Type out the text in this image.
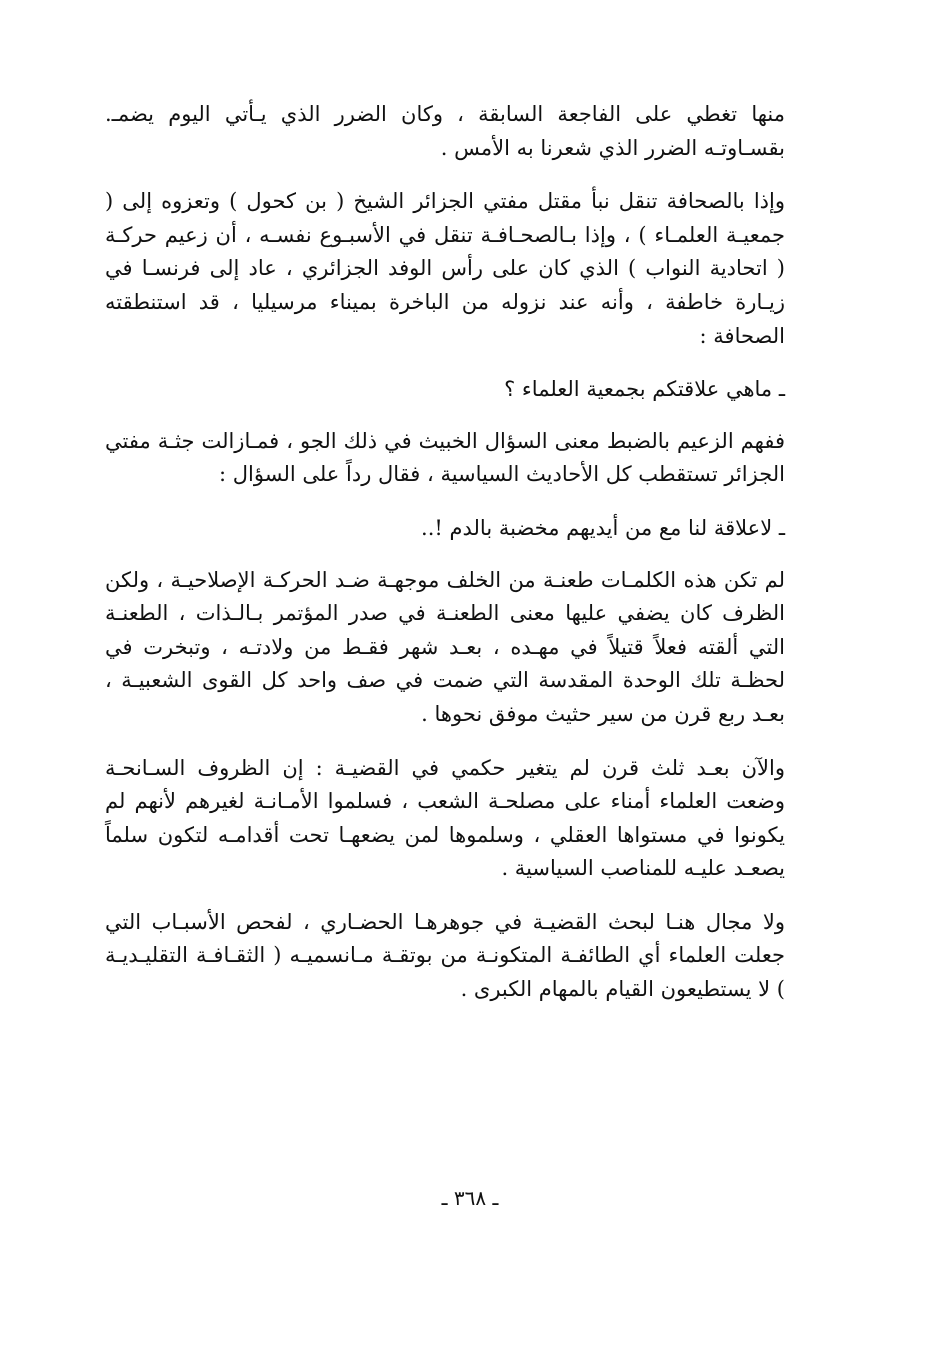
منها تغطي على الفاجعة السابقة ، وكان الضرر الذي يـأتي اليوم يضمـ. بقسـاوتـه الضرر الذي شعرنا به الأمس .

وإذا بالصحافة تنقل نبأ مقتل مفتي الجزائر الشيخ ( بن كحول ) وتعزوه إلى ( جمعيـة العلمـاء ) ، وإذا بـالصحـافـة تنقل في الأسبـوع نفسـه ، أن زعيم حركـة ( اتحادية النواب ) الذي كان على رأس الوفد الجزائري ، عاد إلى فرنسـا في زيـارة خاطفة ، وأنه عند نزوله من الباخرة بميناء مرسيليا ، قد استنطقته الصحافة :

ـ ماهي علاقتكم بجمعية العلماء ؟

ففهم الزعيم بالضبط معنى السؤال الخبيث في ذلك الجو ، فمـازالت جثـة مفتي الجزائر تستقطب كل الأحاديث السياسية ، فقال رداً على السؤال :

ـ لاعلاقة لنا مع من أيديهم مخضبة بالدم !..

لم تكن هذه الكلمـات طعنـة من الخلف موجهـة ضـد الحركـة الإصلاحيـة ، ولكن الظرف كان يضفي عليها معنى الطعنـة في صدر المؤتمر بـالـذات ، الطعنـة التي ألقته فعلاً قتيلاً في مهـده ، بعـد شهر فقـط من ولادتـه ، وتبخرت في لحظـة تلك الوحدة المقدسة التي ضمت في صف واحد كل القوى الشعبيـة ، بعـد ربع قرن من سير حثيث موفق نحوها .

والآن بعـد ثلث قرن لم يتغير حكمي في القضيـة : إن الظروف السـانحـة وضعت العلماء أمناء على مصلحـة الشعب ، فسلموا الأمـانـة لغيرهم لأنهم لم يكونوا في مستواها العقلي ، وسلموها لمن يضعهـا تحت أقدامـه لتكون سلماً يصعـد عليـه للمناصب السياسية .

ولا مجال هنـا لبحث القضيـة في جوهرهـا الحضـاري ، لفحص الأسبـاب التي جعلت العلماء أي الطائفـة المتكونـة من بوتقـة مـانسميـه ( الثقـافـة التقليـديـة ) لا يستطيعون القيام بالمهام الكبرى .

ـ ٣٦٨ ـ
